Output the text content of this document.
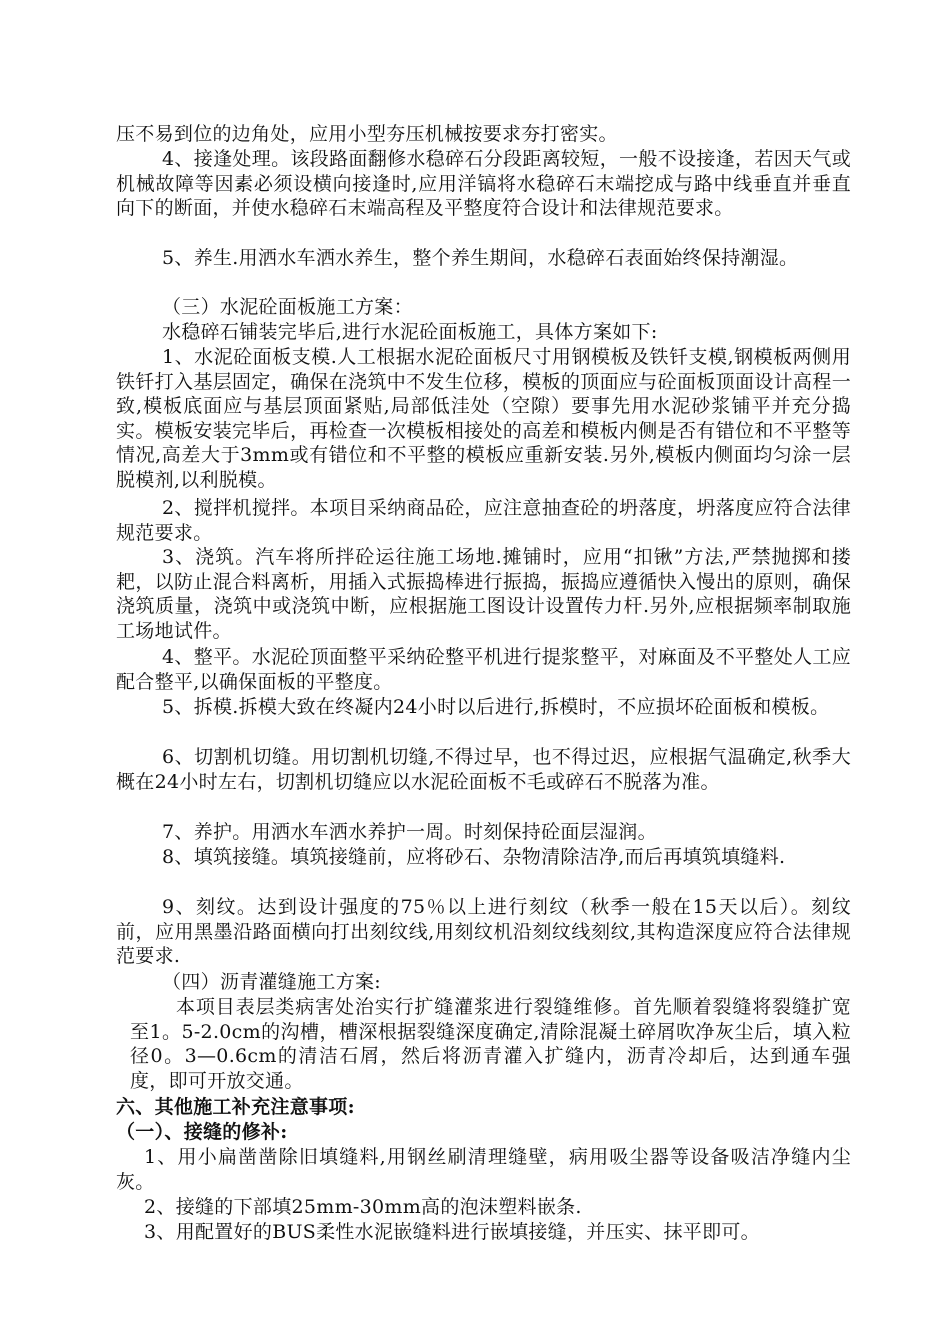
压不易到位的边角处，应用小型夯压机械按要求夯打密实。
4、接逢处理。该段路面翻修水稳碎石分段距离较短，一般不设接逢，若因天气或机械故障等因素必须设横向接逢时,应用洋镐将水稳碎石末端挖成与路中线垂直并垂直向下的断面，并使水稳碎石末端高程及平整度符合设计和法律规范要求。
5、养生.用洒水车洒水养生，整个养生期间，水稳碎石表面始终保持潮湿。
（三）水泥砼面板施工方案：
水稳碎石铺装完毕后,进行水泥砼面板施工，具体方案如下:
1、水泥砼面板支模.人工根据水泥砼面板尺寸用钢模板及铁钎支模,钢模板两侧用铁钎打入基层固定，确保在浇筑中不发生位移，模板的顶面应与砼面板顶面设计高程一致,模板底面应与基层顶面紧贴,局部低洼处（空隙）要事先用水泥砂浆铺平并充分捣实。模板安装完毕后，再检查一次模板相接处的高差和模板内侧是否有错位和不平整等情况,高差大于3mm或有错位和不平整的模板应重新安装.另外,模板内侧面均匀涂一层脱模剂,以利脱模。
2、搅拌机搅拌。本项目采纳商品砼，应注意抽查砼的坍落度，坍落度应符合法律规范要求。
3、浇筑。汽车将所拌砼运往施工场地.摊铺时，应用“扣锹”方法,严禁抛掷和搂耙，以防止混合料离析，用插入式振捣棒进行振捣，振捣应遵循快入慢出的原则，确保浇筑质量，浇筑中或浇筑中断，应根据施工图设计设置传力杆.另外,应根据频率制取施工场地试件。
4、整平。水泥砼顶面整平采纳砼整平机进行提浆整平，对麻面及不平整处人工应配合整平,以确保面板的平整度。
5、拆模.拆模大致在终凝内24小时以后进行,拆模时，不应损坏砼面板和模板。
6、切割机切缝。用切割机切缝,不得过早，也不得过迟，应根据气温确定,秋季大概在24小时左右，切割机切缝应以水泥砼面板不毛或碎石不脱落为准。
7、养护。用洒水车洒水养护一周。时刻保持砼面层湿润。
8、填筑接缝。填筑接缝前，应将砂石、杂物清除洁净,而后再填筑填缝料.
9、刻纹。达到设计强度的75％以上进行刻纹（秋季一般在15天以后）。刻纹前，应用黑墨沿路面横向打出刻纹线,用刻纹机沿刻纹线刻纹,其构造深度应符合法律规范要求.
（四）沥青灌缝施工方案:
本项目表层类病害处治实行扩缝灌浆进行裂缝维修。首先顺着裂缝将裂缝扩宽至1。5-2.0cm的沟槽，槽深根据裂缝深度确定,清除混凝土碎屑吹净灰尘后，填入粒径0。3—0.6cm的清洁石屑，然后将沥青灌入扩缝内，沥青冷却后，达到通车强度，即可开放交通。
六、其他施工补充注意事项:
（一）、接缝的修补:
1、用小扁凿凿除旧填缝料,用钢丝刷清理缝壁，病用吸尘器等设备吸洁净缝内尘灰。
2、接缝的下部填25mm-30mm高的泡沫塑料嵌条.
3、用配置好的BUS柔性水泥嵌缝料进行嵌填接缝，并压实、抹平即可。
